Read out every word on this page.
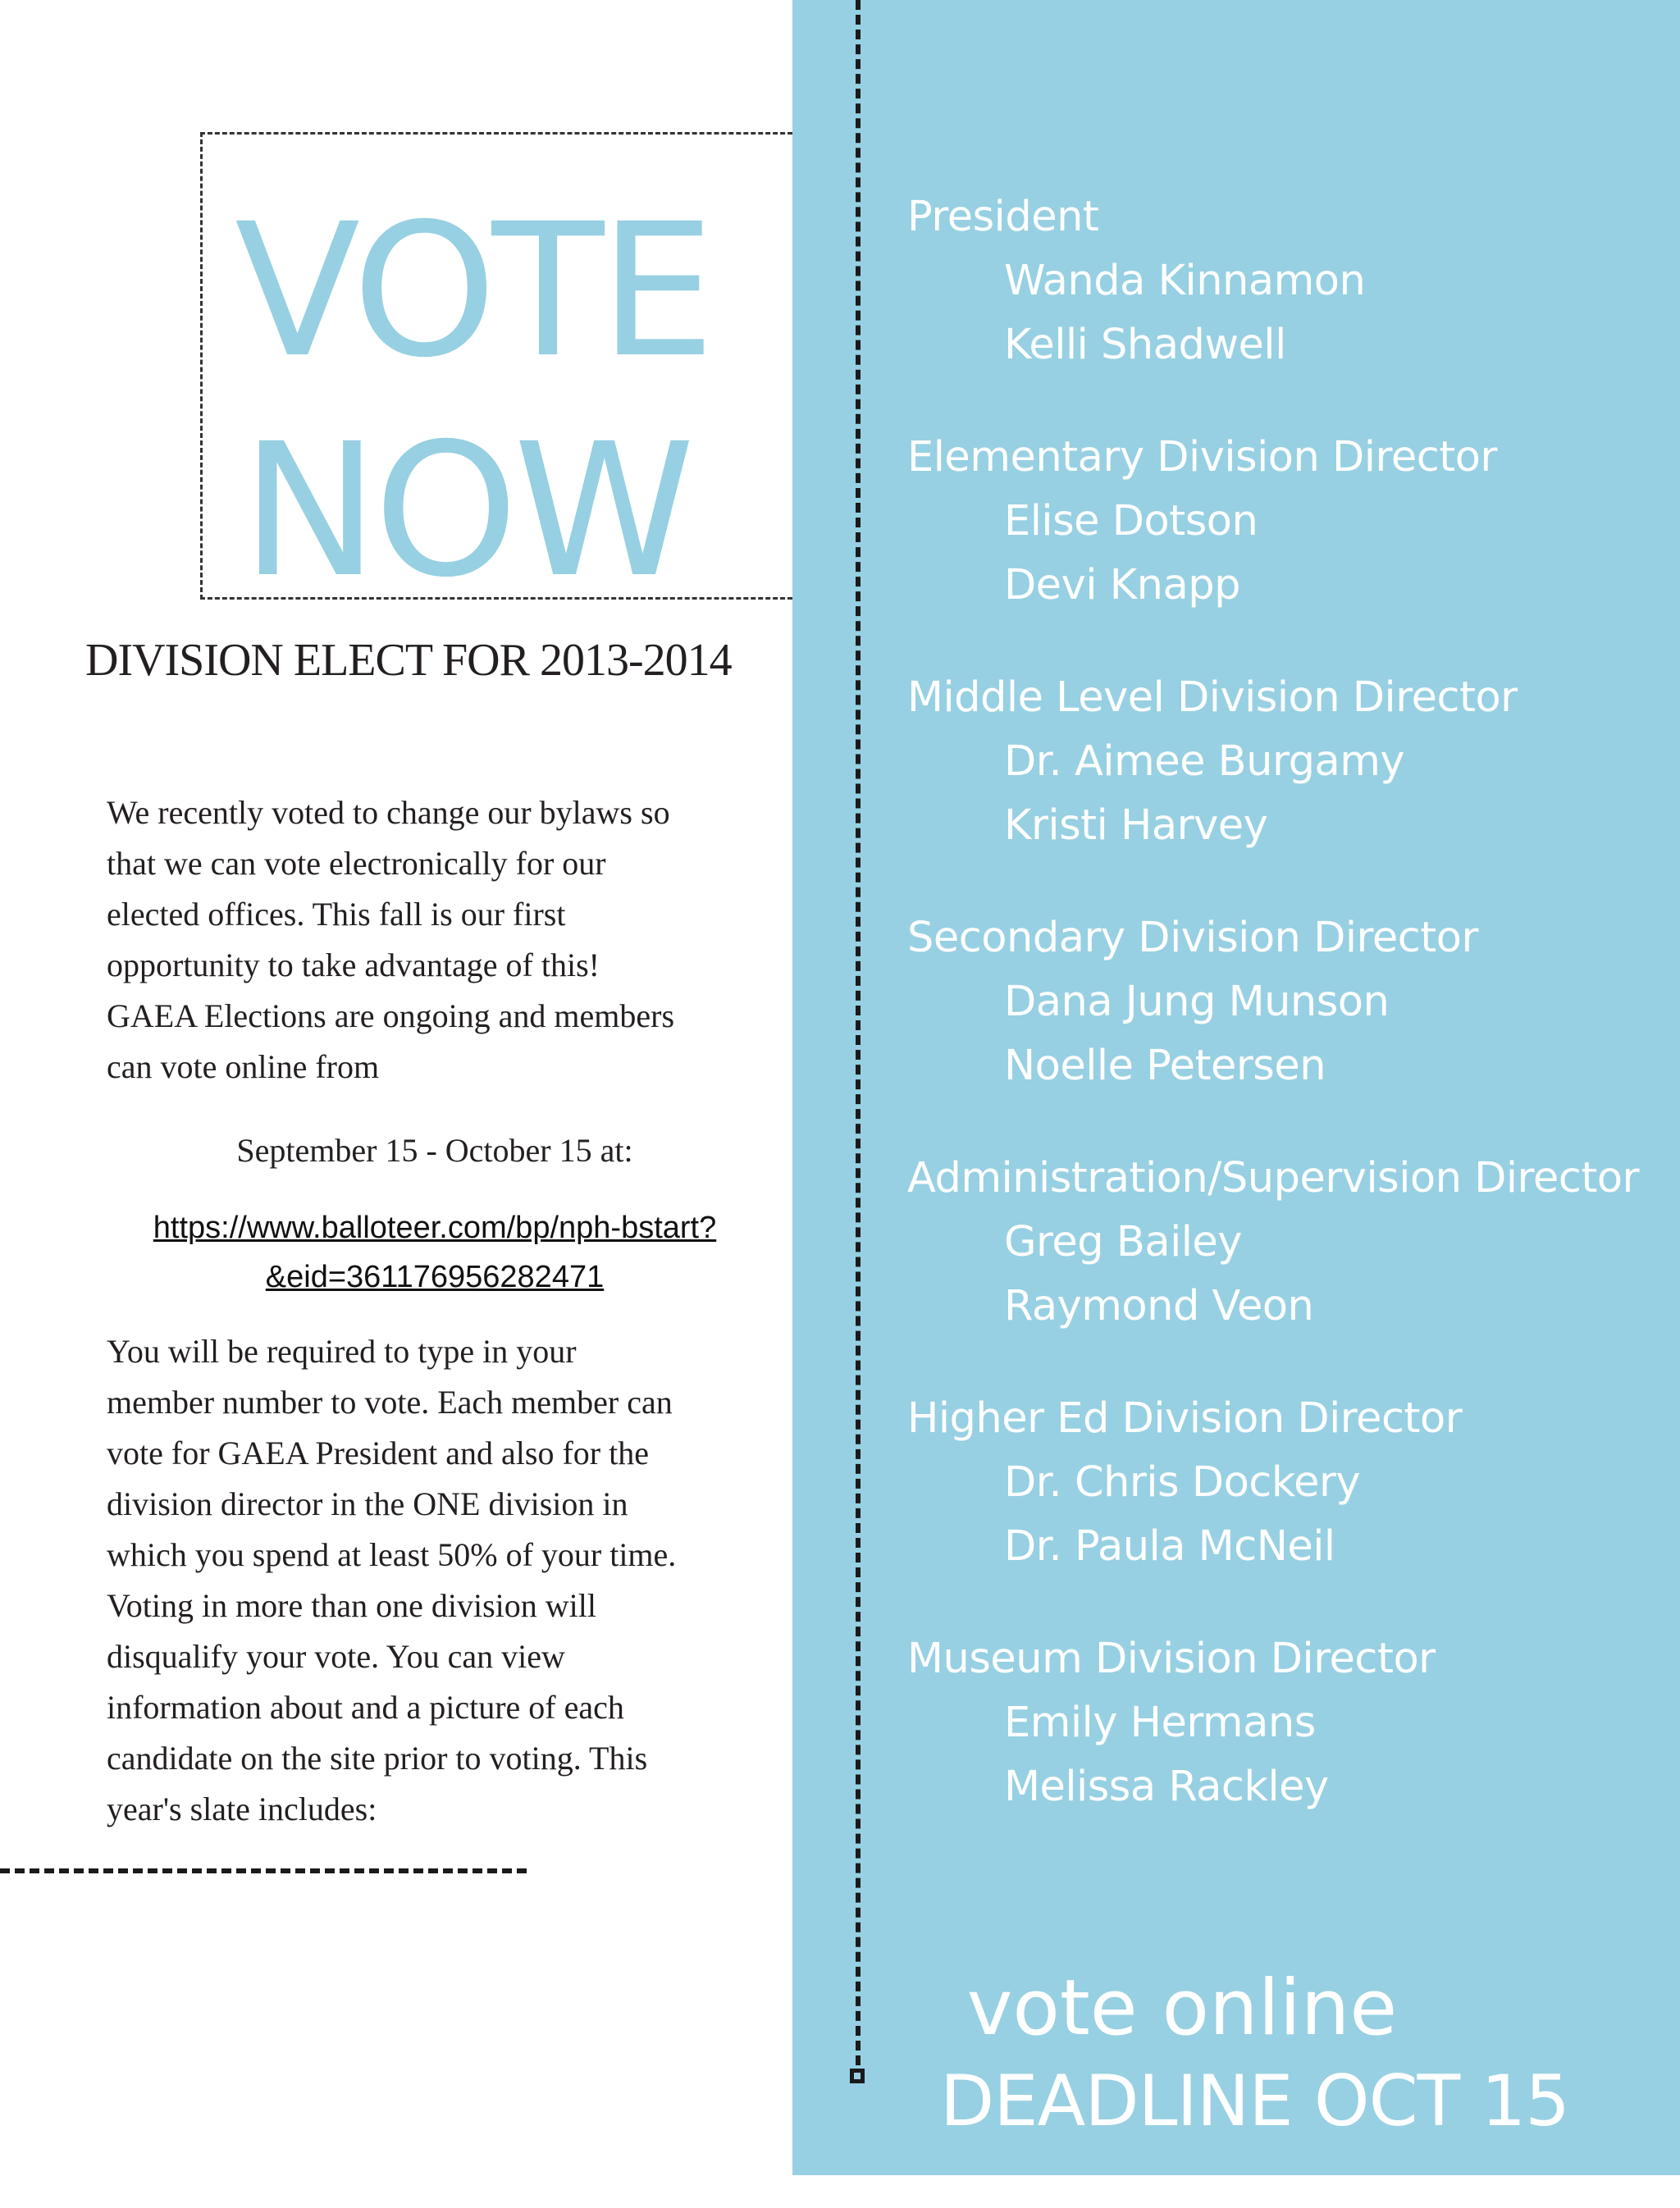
VOTE
NOW
DIVISION ELECT FOR 2013-2014
We recently voted to change our bylaws so
that we can vote electronically for our
elected offices. This fall is our first
opportunity to take advantage of this!
GAEA Elections are ongoing and members
can vote online from
September 15 - October 15 at:
https://www.balloteer.com/bp/nph-bstart?
&eid=361176956282471
You will be required to type in your
member number to vote. Each member can
vote for GAEA President and also for the
division director in the ONE division in
which you spend at least 50% of your time.
Voting in more than one division will
disqualify your vote. You can view
information about and a picture of each
candidate on the site prior to voting. This
year's slate includes:
President
Wanda Kinnamon
Kelli Shadwell
Elementary Division Director
Elise Dotson
Devi Knapp
Middle Level Division Director
Dr. Aimee Burgamy
Kristi Harvey
Secondary Division Director
Dana Jung Munson
Noelle Petersen
Administration/Supervision Director
Greg Bailey
Raymond Veon
Higher Ed Division Director
Dr. Chris Dockery
Dr. Paula McNeil
Museum Division Director
Emily Hermans
Melissa Rackley
vote online
DEADLINE OCT 15
